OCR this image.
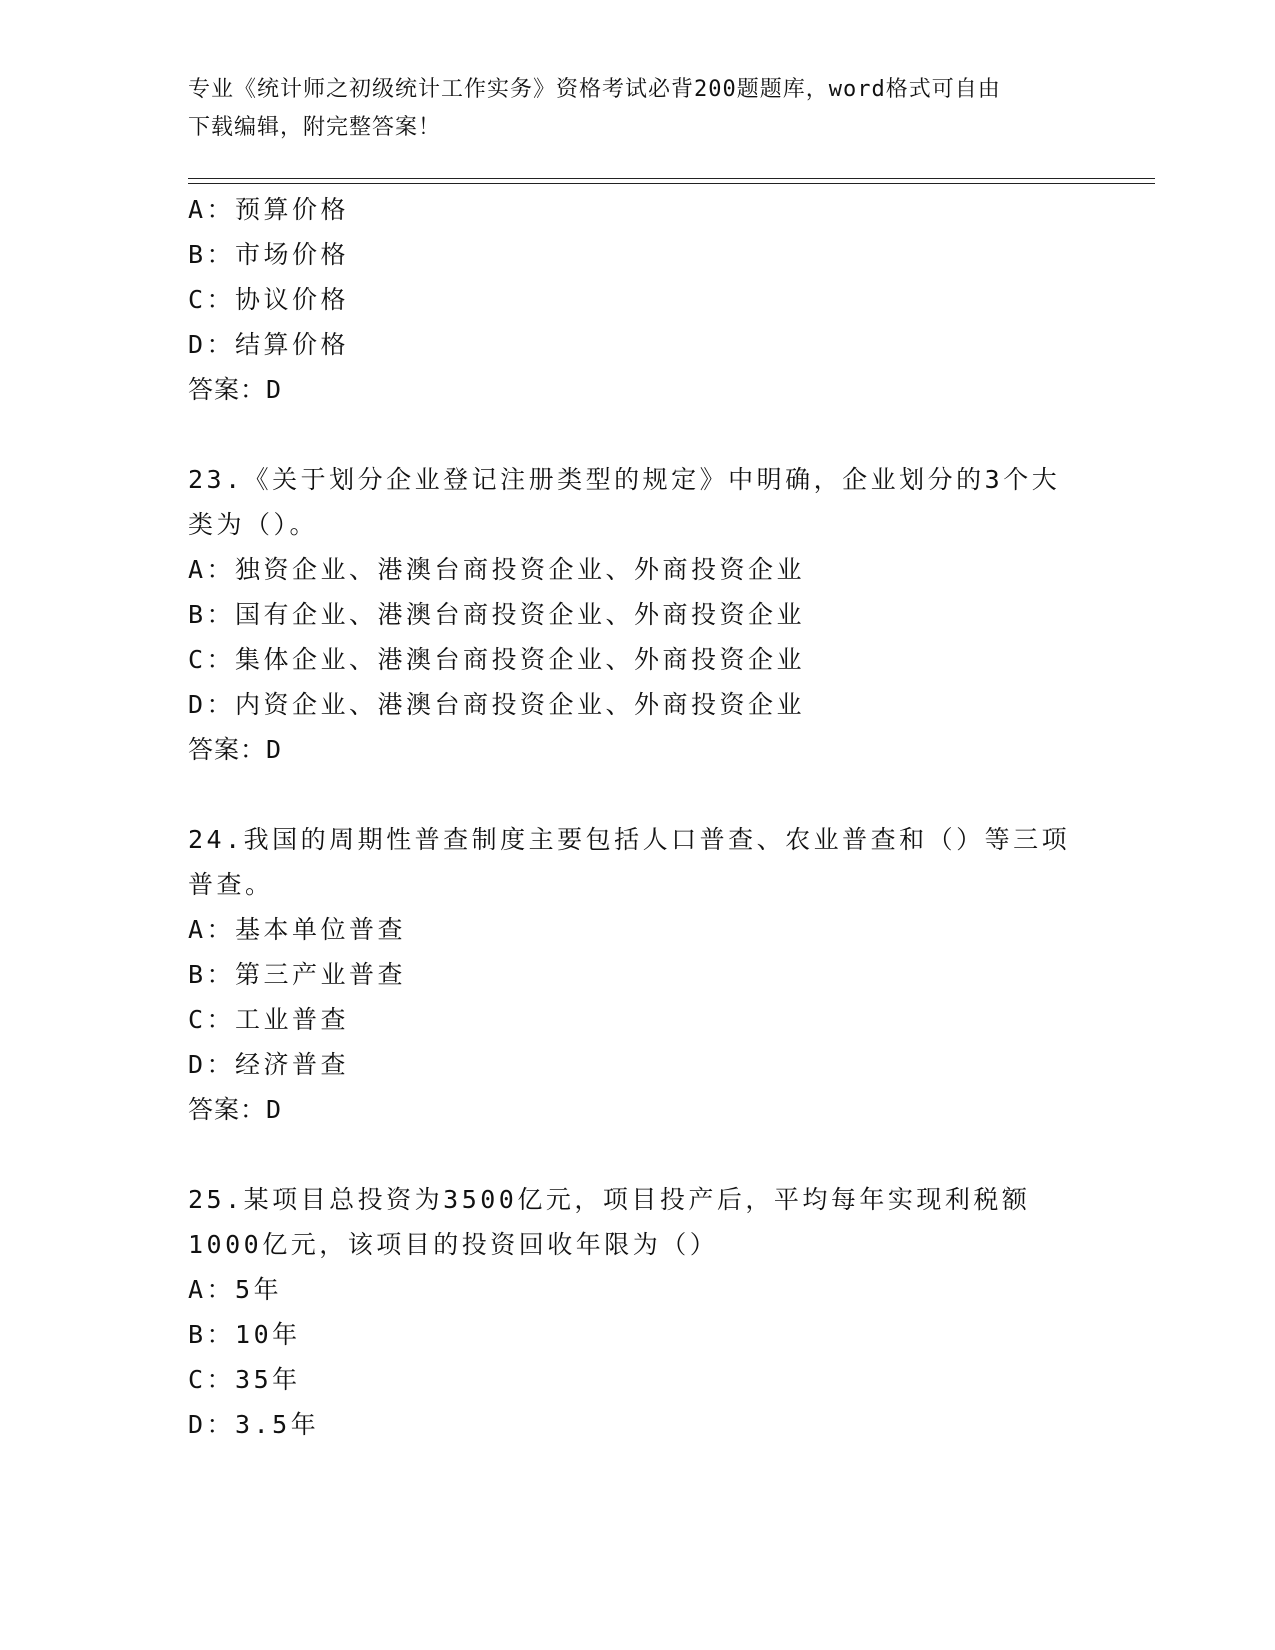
专业《统计师之初级统计工作实务》资格考试必背200题题库，word格式可自由
下载编辑，附完整答案！
A：预算价格
B：市场价格
C：协议价格
D：结算价格
答案：D
23.《关于划分企业登记注册类型的规定》中明确，企业划分的3个大
类为（）。
A：独资企业、港澳台商投资企业、外商投资企业
B：国有企业、港澳台商投资企业、外商投资企业
C：集体企业、港澳台商投资企业、外商投资企业
D：内资企业、港澳台商投资企业、外商投资企业
答案：D
24.我国的周期性普查制度主要包括人口普查、农业普查和（）等三项
普查。
A：基本单位普查
B：第三产业普查
C：工业普查
D：经济普查
答案：D
25.某项目总投资为3500亿元，项目投产后，平均每年实现利税额
1000亿元，该项目的投资回收年限为（）
A：5年
B：10年
C：35年
D：3.5年
